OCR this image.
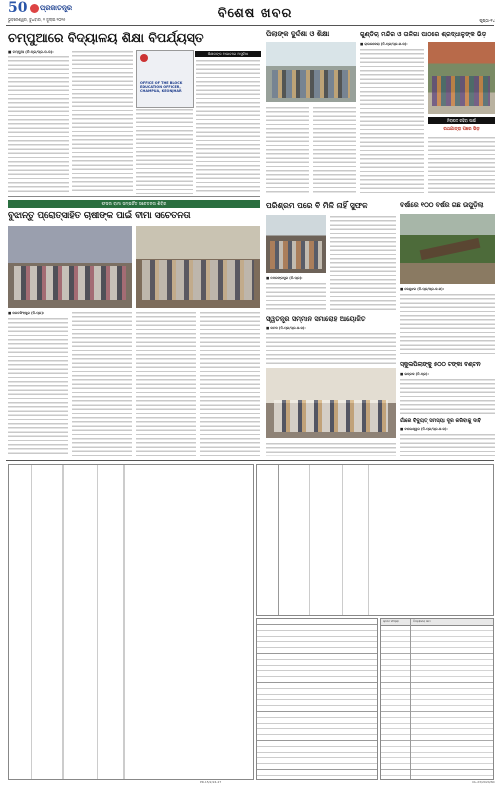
50	ପ୍ରଜାତନ୍ତ୍ର
ଭୁବନେଶ୍ୱର, ବୁଧବାର, ୨ ଜୁଲାଇ ୨୦୨୫	ବିଶେଷ ଖବର	ପୃଷ୍ଠା-୧୪
ଚମ୍ପୁଆରେ ବିଦ୍ୟାଳୟ ଶିକ୍ଷା ବିପର୍ଯ୍ୟସ୍ତ
■ ଚମ୍ପୁଆ (ନି.ପ୍ର/ପ୍ର.ଜ.ଜ):
OFFICE OF THE BLOCK EDUCATION OFFICER, CHAMPUA, KEONJHAR
ଶିକ୍ଷକଙ୍କ ଅଭାବରେ ଅସୁବିଧା
ପିଲାଙ୍କ ଦୁର୍ଦ୍ଦଶା ଓ ଶିକ୍ଷା	ଗୁଣ୍ଡିଚା ମନ୍ଦିର ଓ ତାଳିଗା ପାଠରେ ଶ୍ରଦ୍ଧାଳୁଙ୍କ ଭିଡ଼
■ ରାଉରକେଲା (ନି.ପ୍ର/ପ୍ର.ଜ.ଜ):
ନିରାପଦ ରହିବା ପାଇଁ
ରଥଯାତ୍ରା ପରେ ଭିଡ଼
ଫସଲ ବୀମା ସମ୍ପର୍କିତ ସଚେତନତା ଶିବିର
ବୁଝାନ୍ତୁ ପ୍ରୋତ୍ସାହିତ ଚାଷୀଙ୍କ ପାଇଁ ବୀମା ସଚେତନତା
■ ଜଗତସିଂହପୁର (ନି.ପ୍ର):
ପରିଶ୍ରମ ପରେ ବି ମିଳି ନାହିଁ ସୁଫଳ
■ ନବରଙ୍ଗପୁର (ନି.ପ୍ର):
ସ୍ୱତନ୍ତ୍ର ସମ୍ମାନ ସମାରୋହ ଆୟୋଜିତ
■ କଟକ (ନି.ପ୍ର/ପ୍ର.ଜ.ଜ):
ବର୍ଷାରେ ୧୦୦ ବର୍ଷର ଗଛ ଉପୁଡ଼ିଲା
■ କେନ୍ଦୁଝର (ନି.ପ୍ର/ପ୍ର.ଜ.ଜ):
ସ୍କୁଲପିଲାଙ୍କୁ ୫୦୦ ଟଙ୍କା ବଣ୍ଟନ
■ ଭଦ୍ରକ (ନି.ପ୍ର):
ଗାଁରେ ବିଦ୍ୟୁତ୍ ସମସ୍ୟା ଦୂର କରିବାକୁ ଦାବି
■ ବାଲେଶ୍ୱର (ନି.ପ୍ର/ପ୍ର.ଜ.ଜ):
କ୍ରମ ସଂଖ୍ୟା	ବିଦ୍ୟାଳୟ ନାମ
PR-15/2/24-27	OL-23/2024/NC
